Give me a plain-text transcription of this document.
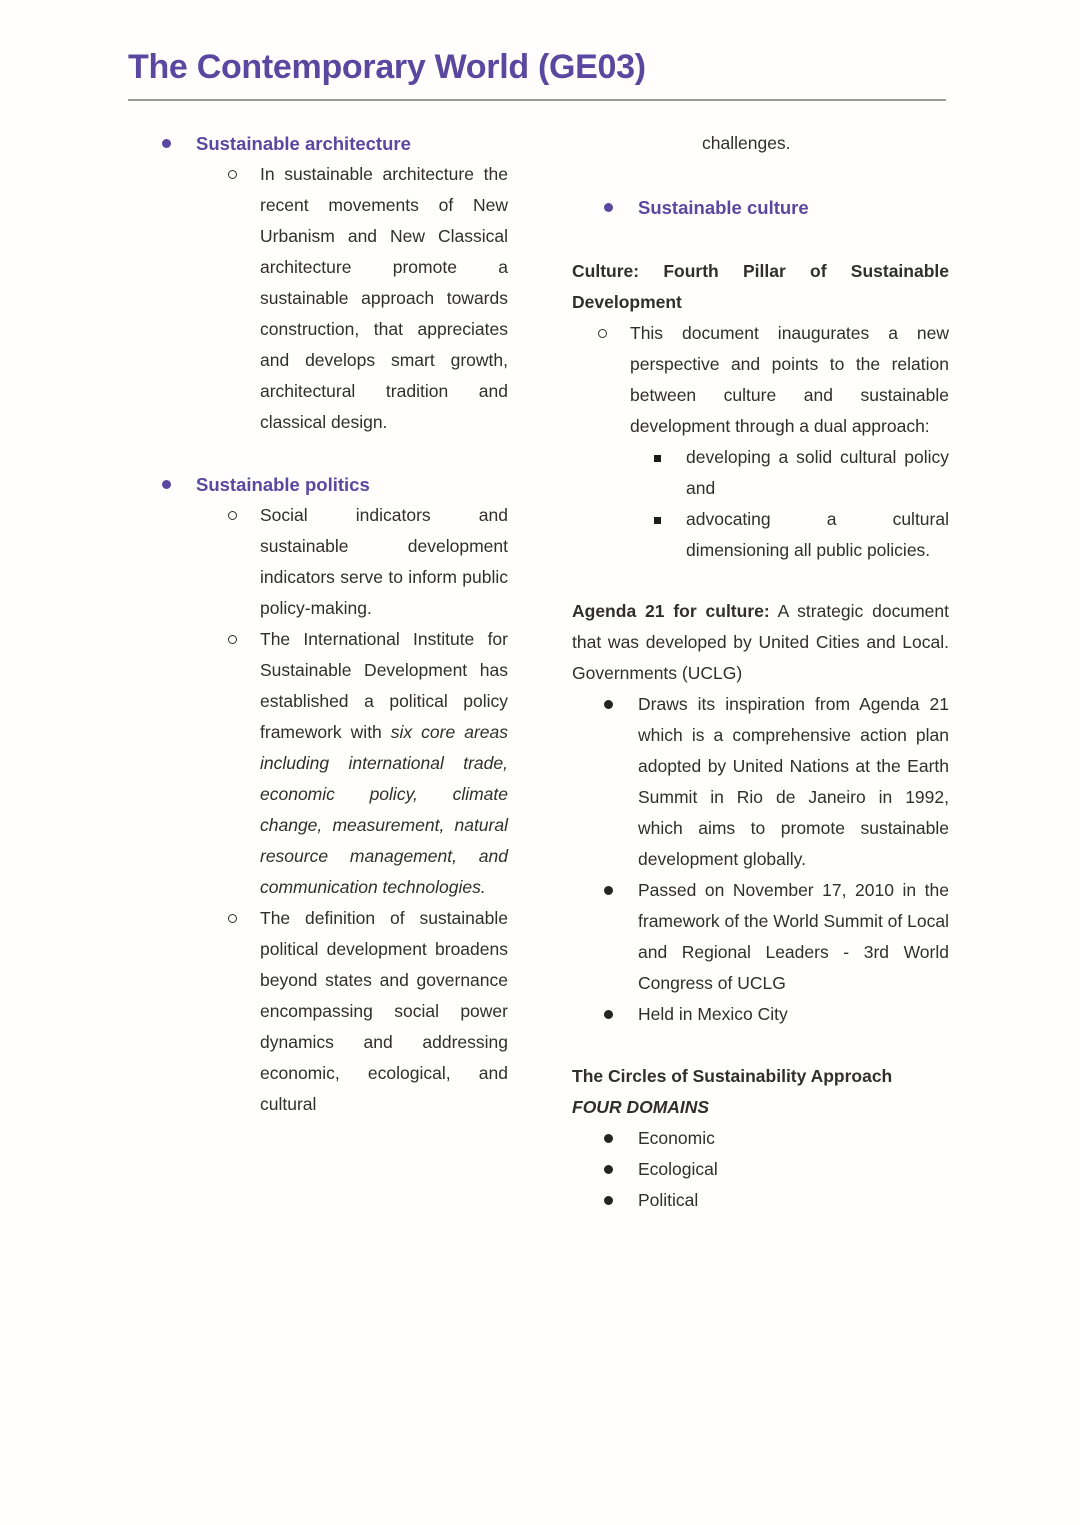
The Contemporary World (GE03)
Sustainable architecture

In sustainable architecture the recent movements of New Urbanism and New Classical architecture promote a sustainable approach towards construction, that appreciates and develops smart growth, architectural tradition and classical design.

Sustainable politics

Social indicators and sustainable development indicators serve to inform public policy-making.

The International Institute for Sustainable Development has established a political policy framework with six core areas including international trade, economic policy, climate change, measurement, natural resource management, and communication technologies.

The definition of sustainable political development broadens beyond states and governance encompassing social power dynamics and addressing economic, ecological, and cultural

challenges.

Sustainable culture

Culture: Fourth Pillar of Sustainable Development

This document inaugurates a new perspective and points to the relation between culture and sustainable development through a dual approach:

developing a solid cultural policy and

advocating a cultural dimensioning all public policies.

Agenda 21 for culture: A strategic document that was developed by United Cities and Local. Governments (UCLG)

Draws its inspiration from Agenda 21 which is a comprehensive action plan adopted by United Nations at the Earth Summit in Rio de Janeiro in 1992, which aims to promote sustainable development globally.

Passed on November 17, 2010 in the framework of the World Summit of Local and Regional Leaders - 3rd World Congress of UCLG

Held in Mexico City

The Circles of Sustainability Approach

FOUR DOMAINS

Economic

Ecological

Political
